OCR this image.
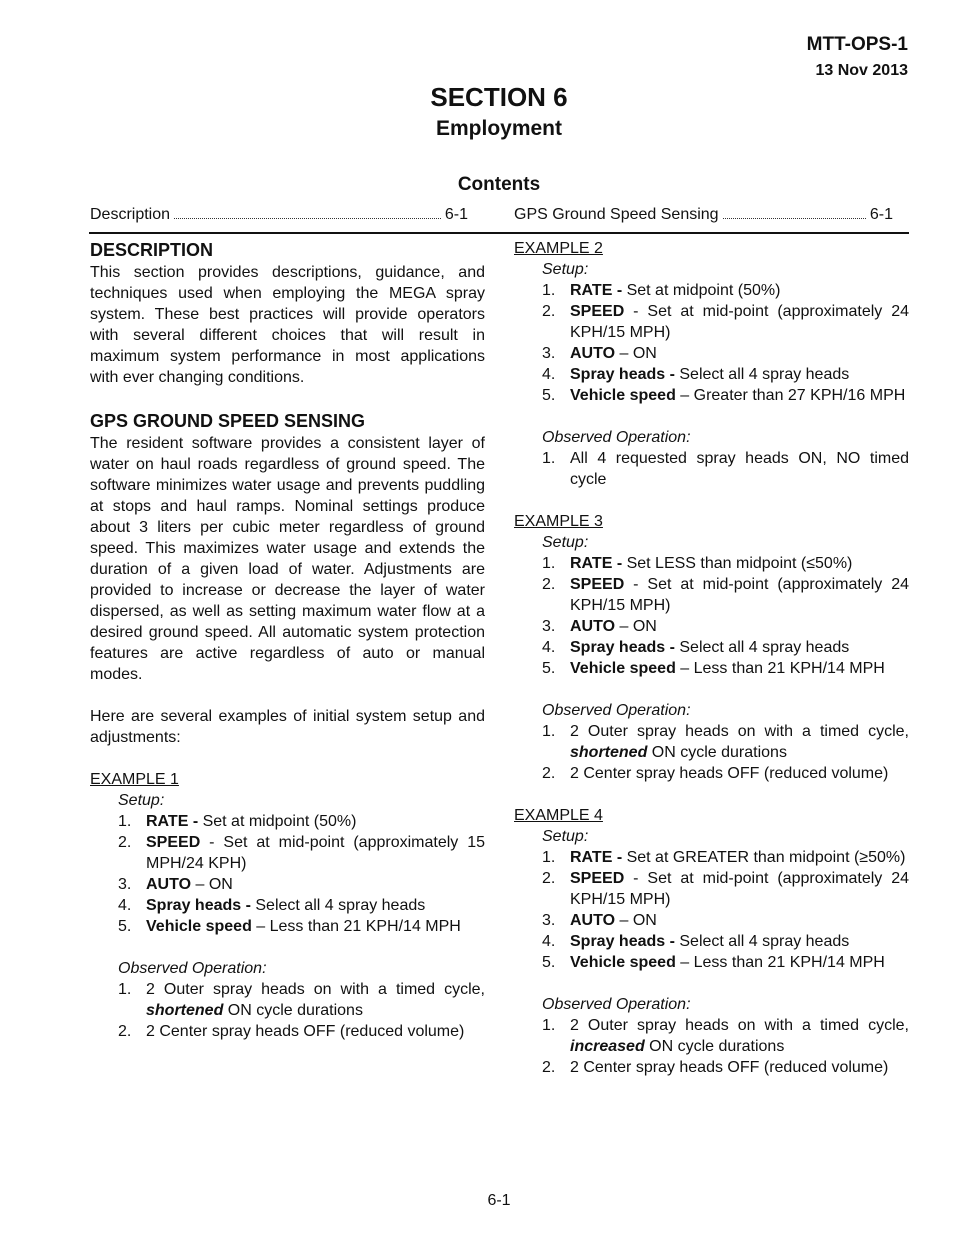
MTT-OPS-1
13 Nov 2013
SECTION 6
Employment
Contents
Description	6-1	GPS Ground Speed Sensing	6-1
DESCRIPTION

This section provides descriptions, guidance, and techniques used when employing the MEGA spray system. These best practices will provide operators with several different choices that will result in maximum system performance in most applications with ever changing conditions.

GPS GROUND SPEED SENSING

The resident software provides a consistent layer of water on haul roads regardless of ground speed. The software minimizes water usage and prevents puddling at stops and haul ramps. Nominal settings produce about 3 liters per cubic meter regardless of ground speed. This maximizes water usage and extends the duration of a given load of water. Adjustments are provided to increase or decrease the layer of water dispersed, as well as setting maximum water flow at a desired ground speed. All automatic system protection features are active regardless of auto or manual modes.

Here are several examples of initial system setup and adjustments:

EXAMPLE 1
Setup:
1. RATE - Set at midpoint (50%)
2. SPEED - Set at mid-point (approximately 15 MPH/24 KPH)
3. AUTO – ON
4. Spray heads - Select all 4 spray heads
5. Vehicle speed – Less than 21 KPH/14 MPH
Observed Operation:
1. 2 Outer spray heads on with a timed cycle, shortened ON cycle durations
2. 2 Center spray heads OFF (reduced volume)
EXAMPLE 2
Setup:
1. RATE - Set at midpoint (50%)
2. SPEED - Set at mid-point (approximately 24 KPH/15 MPH)
3. AUTO – ON
4. Spray heads - Select all 4 spray heads
5. Vehicle speed – Greater than 27 KPH/16 MPH
Observed Operation:
1. All 4 requested spray heads ON, NO timed cycle
EXAMPLE 3
Setup:
1. RATE - Set LESS than midpoint (≤50%)
2. SPEED - Set at mid-point (approximately 24 KPH/15 MPH)
3. AUTO – ON
4. Spray heads - Select all 4 spray heads
5. Vehicle speed – Less than 21 KPH/14 MPH
Observed Operation:
1. 2 Outer spray heads on with a timed cycle, shortened ON cycle durations
2. 2 Center spray heads OFF (reduced volume)
EXAMPLE 4
Setup:
1. RATE - Set at GREATER than midpoint (≥50%)
2. SPEED - Set at mid-point (approximately 24 KPH/15 MPH)
3. AUTO – ON
4. Spray heads - Select all 4 spray heads
5. Vehicle speed – Less than 21 KPH/14 MPH
Observed Operation:
1. 2 Outer spray heads on with a timed cycle, increased ON cycle durations
2. 2 Center spray heads OFF (reduced volume)
6-1
